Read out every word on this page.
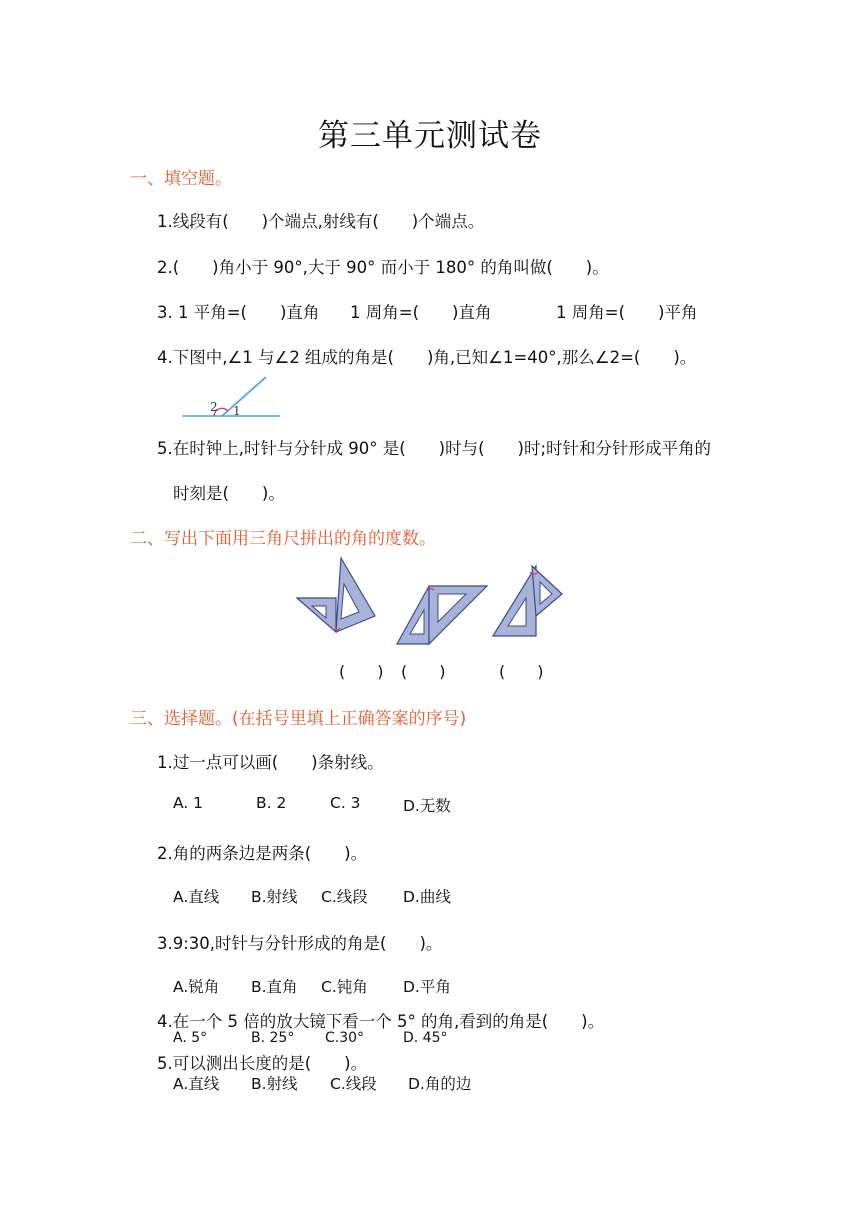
第三单元测试卷
一、填空题。
1.线段有(　　)个端点,射线有(　　)个端点。
2.(　　)角小于 90°,大于 90° 而小于 180° 的角叫做(　　)。
3. 1 平角=(　　)直角 1 周角=(　　)直角	1 周角=(　　)平角
4.下图中,∠1 与∠2 组成的角是(　　)角,已知∠1=40°,那么∠2=(　　)。
2 1
5.在时钟上,时针与分针成 90° 是(　　)时与(　　)时;时针和分针形成平角的
时刻是(　　)。
二、写出下面用三角尺拼出的角的度数。
(　　) (　　)	(　　)
三、选择题。(在括号里填上正确答案的序号)
1.过一点可以画(　　)条射线。
A. 1	B. 2	C. 3	D.无数
2.角的两条边是两条(　　)。
A.直线 B.射线 C.线段 D.曲线
3.9:30,时针与分针形成的角是(　　)。
A.锐角 B.直角 C.钝角 D.平角
4.在一个 5 倍的放大镜下看一个 5° 的角,看到的角是(　　)。
A. 5°	B. 25° C.30°	D. 45°
5.可以测出长度的是(　　)。
A.直线 B.射线 C.线段 D.角的边
